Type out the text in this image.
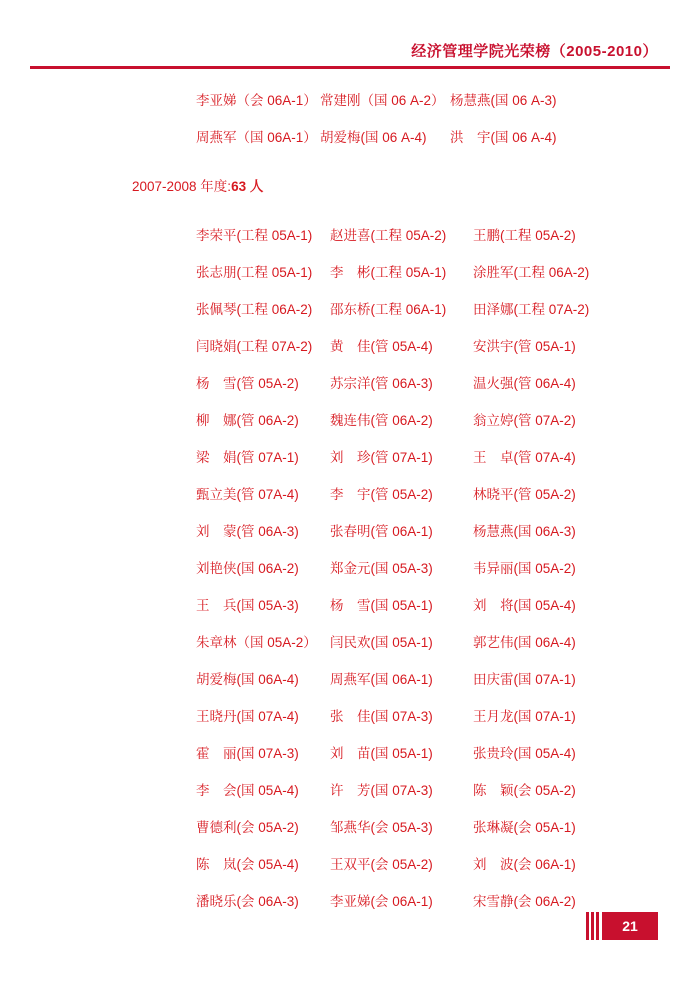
经济管理学院光荣榜（2005-2010）
李亚娣（会 06A-1） 常建刚（国 06 A-2） 杨慧燕(国 06 A-3)
周燕军（国 06A-1） 胡爱梅(国 06 A-4) 洪　宇(国 06 A-4)
2007-2008 年度:63 人
李荣平(工程 05A-1) 赵进喜(工程 05A-2) 王鹏(工程 05A-2)
张志朋(工程 05A-1) 李　彬(工程 05A-1) 涂胜军(工程 06A-2)
张佩琴(工程 06A-2) 邵东桥(工程 06A-1) 田泽娜(工程 07A-2)
闫晓娟(工程 07A-2) 黄　佳(管 05A-4)	安洪宇(管 05A-1)
杨　雪(管 05A-2) 苏宗洋(管 06A-3)	温火强(管 06A-4)
柳　娜(管 06A-2) 魏连伟(管 06A-2)	翁立婷(管 07A-2)
梁　娟(管 07A-1) 刘　珍(管 07A-1)	王　卓(管 07A-4)
甄立美(管 07A-4) 李　宇(管 05A-2)	林晓平(管 05A-2)
刘　蒙(管 06A-3) 张春明(管 06A-1)	杨慧燕(国 06A-3)
刘艳侠(国 06A-2) 郑金元(国 05A-3)	韦异丽(国 05A-2)
王　兵(国 05A-3) 杨　雪(国 05A-1)	刘　将(国 05A-4)
朱章林（国 05A-2） 闫民欢(国 05A-1)	郭艺伟(国 06A-4)
胡爱梅(国 06A-4) 周燕军(国 06A-1)	田庆雷(国 07A-1)
王晓丹(国 07A-4) 张　佳(国 07A-3)	王月龙(国 07A-1)
霍　丽(国 07A-3) 刘　苗(国 05A-1)	张贵玲(国 05A-4)
李　会(国 05A-4) 许　芳(国 07A-3)	陈　颖(会 05A-2)
曹德利(会 05A-2) 邹燕华(会 05A-3)	张琳凝(会 05A-1)
陈　岚(会 05A-4) 王双平(会 05A-2)	刘　波(会 06A-1)
潘晓乐(会 06A-3) 李亚娣(会 06A-1)	宋雪静(会 06A-2)
21
